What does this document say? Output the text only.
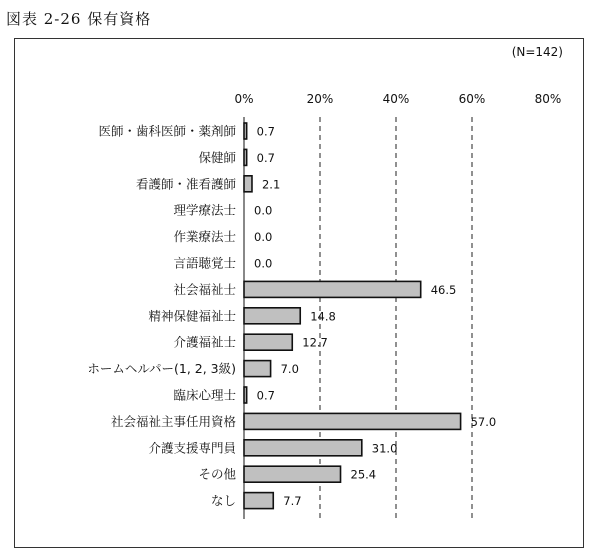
図表 2-26 保有資格
(N=142)
0%	20%	40%	60%	80%
医師・歯科医師・薬剤師 0.7
保健師 0.7
看護師・准看護師 2.1
理学療法士 0.0
作業療法士 0.0
言語聴覚士 0.0
社会福祉士	46.5
精神保健福祉士	14.8
介護福祉士	12.7
ホームヘルパー(1, 2, 3級)	7.0
臨床心理士 0.7
社会福祉主事任用資格	57.0
介護支援専門員	31.0
その他	25.4
なし	7.7
